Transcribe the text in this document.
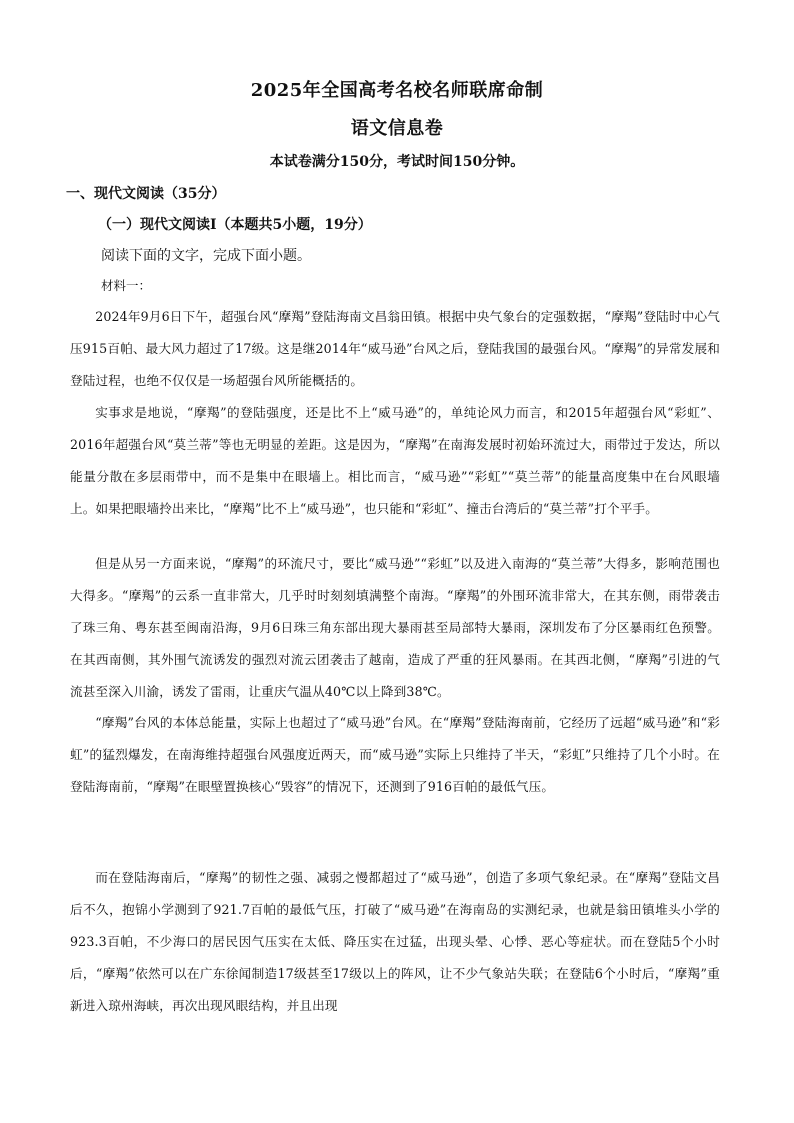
2025年全国高考名校名师联席命制
语文信息卷
本试卷满分150分，考试时间150分钟。
一、现代文阅读（35分）
（一）现代文阅读Ⅰ（本题共5小题，19分）
阅读下面的文字，完成下面小题。
材料一：

2024年9月6日下午，超强台风“摩羯”登陆海南文昌翁田镇。根据中央气象台的定强数据，“摩羯”登陆时中心气压915百帕、最大风力超过了17级。这是继2014年“威马逊”台风之后，登陆我国的最强台风。“摩羯”的异常发展和登陆过程，也绝不仅仅是一场超强台风所能概括的。

实事求是地说，“摩羯”的登陆强度，还是比不上“威马逊”的，单纯论风力而言，和2015年超强台风“彩虹”、2016年超强台风“莫兰蒂”等也无明显的差距。这是因为，“摩羯”在南海发展时初始环流过大，雨带过于发达，所以能量分散在多层雨带中，而不是集中在眼墙上。相比而言，“威马逊”“彩虹”“莫兰蒂”的能量高度集中在台风眼墙上。如果把眼墙拎出来比，“摩羯”比不上“威马逊”，也只能和“彩虹”、撞击台湾后的“莫兰蒂”打个平手。

但是从另一方面来说，“摩羯”的环流尺寸，要比“威马逊”“彩虹”以及进入南海的“莫兰蒂”大得多，影响范围也大得多。“摩羯”的云系一直非常大，几乎时时刻刻填满整个南海。“摩羯”的外围环流非常大，在其东侧，雨带袭击了珠三角、粤东甚至闽南沿海，9月6日珠三角东部出现大暴雨甚至局部特大暴雨，深圳发布了分区暴雨红色预警。在其西南侧，其外围气流诱发的强烈对流云团袭击了越南，造成了严重的狂风暴雨。在其西北侧，“摩羯”引进的气流甚至深入川渝，诱发了雷雨，让重庆气温从40℃以上降到38℃。

“摩羯”台风的本体总能量，实际上也超过了“威马逊”台风。在“摩羯”登陆海南前，它经历了远超“威马逊”和“彩虹”的猛烈爆发，在南海维持超强台风强度近两天，而“威马逊”实际上只维持了半天，“彩虹”只维持了几个小时。在登陆海南前，“摩羯”在眼壁置换核心“毁容”的情况下，还测到了916百帕的最低气压。

而在登陆海南后，“摩羯”的韧性之强、减弱之慢都超过了“威马逊”，创造了多项气象纪录。在“摩羯”登陆文昌后不久，抱锦小学测到了921.7百帕的最低气压，打破了“威马逊”在海南岛的实测纪录，也就是翁田镇堆头小学的923.3百帕，不少海口的居民因气压实在太低、降压实在过猛，出现头晕、心悸、恶心等症状。而在登陆5个小时后，“摩羯”依然可以在广东徐闻制造17级甚至17级以上的阵风，让不少气象站失联；在登陆6个小时后，“摩羯”重新进入琼州海峡，再次出现风眼结构，并且出现
